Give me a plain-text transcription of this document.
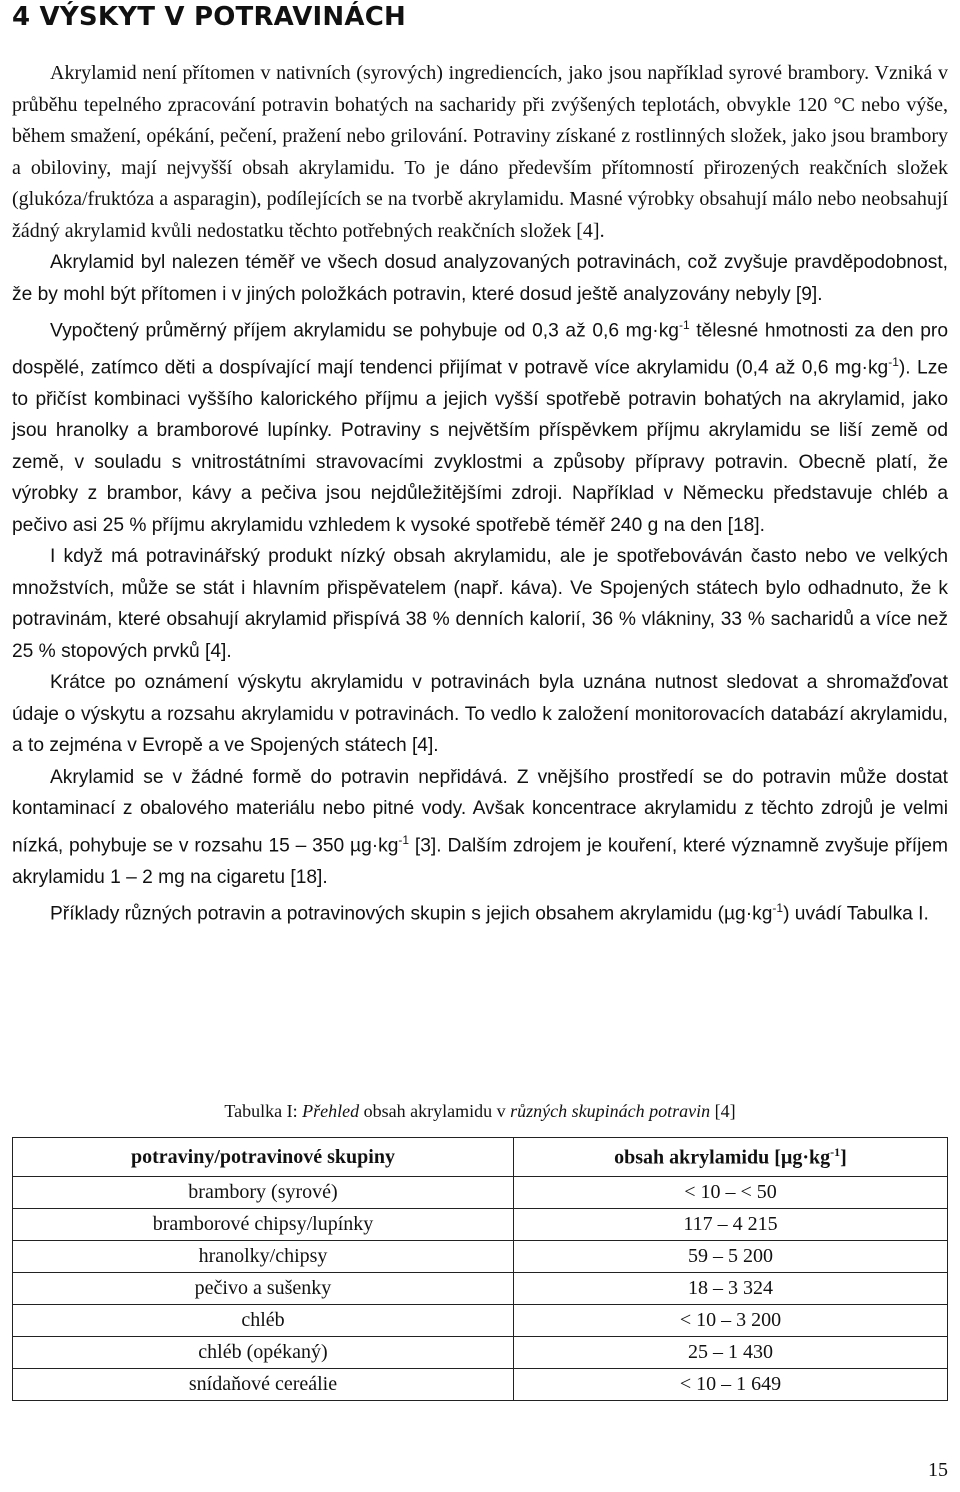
4 VÝSKYT V POTRAVINÁCH

Akrylamid není přítomen v nativních (syrových) ingrediencích, jako jsou například syrové brambory. Vzniká v průběhu tepelného zpracování potravin bohatých na sacharidy při zvýšených teplotách, obvykle 120 °C nebo výše, během smažení, opékání, pečení, pražení nebo grilování. Potraviny získané z rostlinných složek, jako jsou brambory a obiloviny, mají nejvyšší obsah akrylamidu. To je dáno především přítomností přirozených reakčních složek (glukóza/fruktóza a asparagin), podílejících se na tvorbě akrylamidu. Masné výrobky obsahují málo nebo neobsahují žádný akrylamid kvůli nedostatku těchto potřebných reakčních složek [4].

Akrylamid byl nalezen téměř ve všech dosud analyzovaných potravinách, což zvyšuje pravděpodobnost, že by mohl být přítomen i v jiných položkách potravin, které dosud ještě analyzovány nebyly [9].

Vypočtený průměrný příjem akrylamidu se pohybuje od 0,3 až 0,6 $mg\cdot kg^{-1}$ tělesné hmotnosti za den pro dospělé, zatímco děti a dospívající mají tendenci přijímat v potravě více akrylamidu (0,4 až 0,6 $mg\cdot kg^{-1}$). Lze to přičíst kombinaci vyššího kalorického příjmu a jejich vyšší spotřebě potravin bohatých na akrylamid, jako jsou hranolky a bramborové lupínky. Potraviny s největším příspěvkem příjmu akrylamidu se liší země od země, v souladu s vnitrostátními stravovacími zvyklostmi a způsoby přípravy potravin. Obecně platí, že výrobky z brambor, kávy a pečiva jsou nejdůležitějšími zdroji. Například v Německu představuje chléb a pečivo asi 25 % příjmu akrylamidu vzhledem k vysoké spotřebě téměř 240 g na den [18].

I když má potravinářský produkt nízký obsah akrylamidu, ale je spotřebováván často nebo ve velkých množstvích, může se stát i hlavním přispěvatelem (např. káva). Ve Spojených státech bylo odhadnuto, že k potravinám, které obsahují akrylamid přispívá 38 % denních kalorií, 36 % vlákniny, 33 % sacharidů a více než 25 % stopových prvků [4].

Krátce po oznámení výskytu akrylamidu v potravinách byla uznána nutnost sledovat a shromažďovat údaje o výskytu a rozsahu akrylamidu v potravinách. To vedlo k založení monitorovacích databází akrylamidu, a to zejména v Evropě a ve Spojených státech [4].

Akrylamid se v žádné formě do potravin nepřidává. Z vnějšího prostředí se do potravin může dostat kontaminací z obalového materiálu nebo pitné vody. Avšak koncentrace akrylamidu z těchto zdrojů je velmi nízká, pohybuje se v rozsahu 15 – 350 $\mu g\cdot kg^{-1}$ [3]. Dalším zdrojem je kouření, které významně zvyšuje příjem akrylamidu 1 – 2 mg na cigaretu [18].

Příklady různých potravin a potravinových skupin s jejich obsahem akrylamidu $(\mu g\cdot kg^{-1})$ uvádí Tabulka I.

Tabulka I: Přehled obsah akrylamidu v různých skupinách potravin [4]
potraviny/potravinové skupiny	obsah akrylamidu $[\mu g\cdot kg^{-1}]$
brambory (syrové)	< 10 – < 50
bramborové chipsy/lupínky	117 – 4 215
hranolky/chipsy	59 – 5 200
pečivo a sušenky	18 – 3 324
chléb	< 10 – 3 200
chléb (opékaný)	25 – 1 430
snídaňové cereálie	< 10 – 1 649
15
